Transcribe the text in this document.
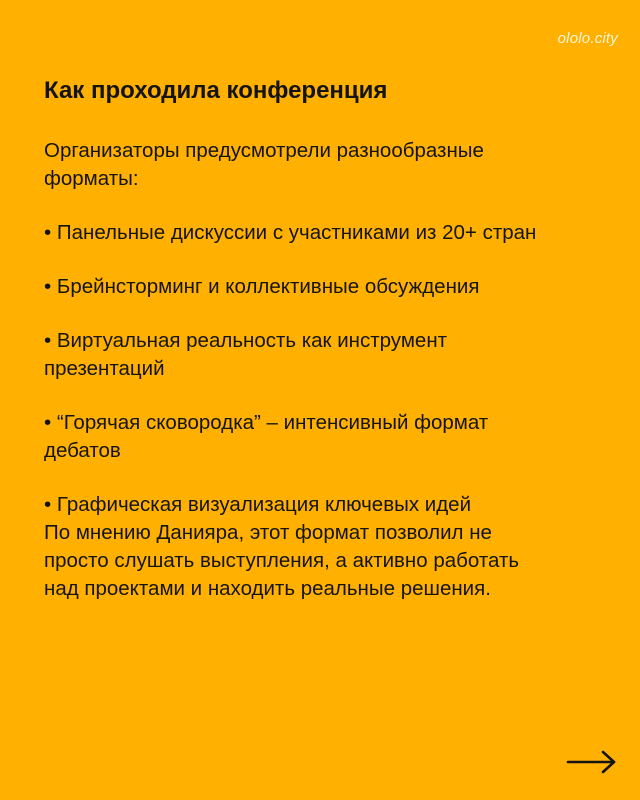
ololo.city
Как проходила конференция

Организаторы предусмотрели разнообразные
форматы:

• Панельные дискуссии с участниками из 20+ стран

• Брейнсторминг и коллективные обсуждения

• Виртуальная реальность как инструмент
презентаций

• “Горячая сковородка” – интенсивный формат
дебатов

• Графическая визуализация ключевых идей

По мнению Данияра, этот формат позволил не
просто слушать выступления, а активно работать
над проектами и находить реальные решения.
